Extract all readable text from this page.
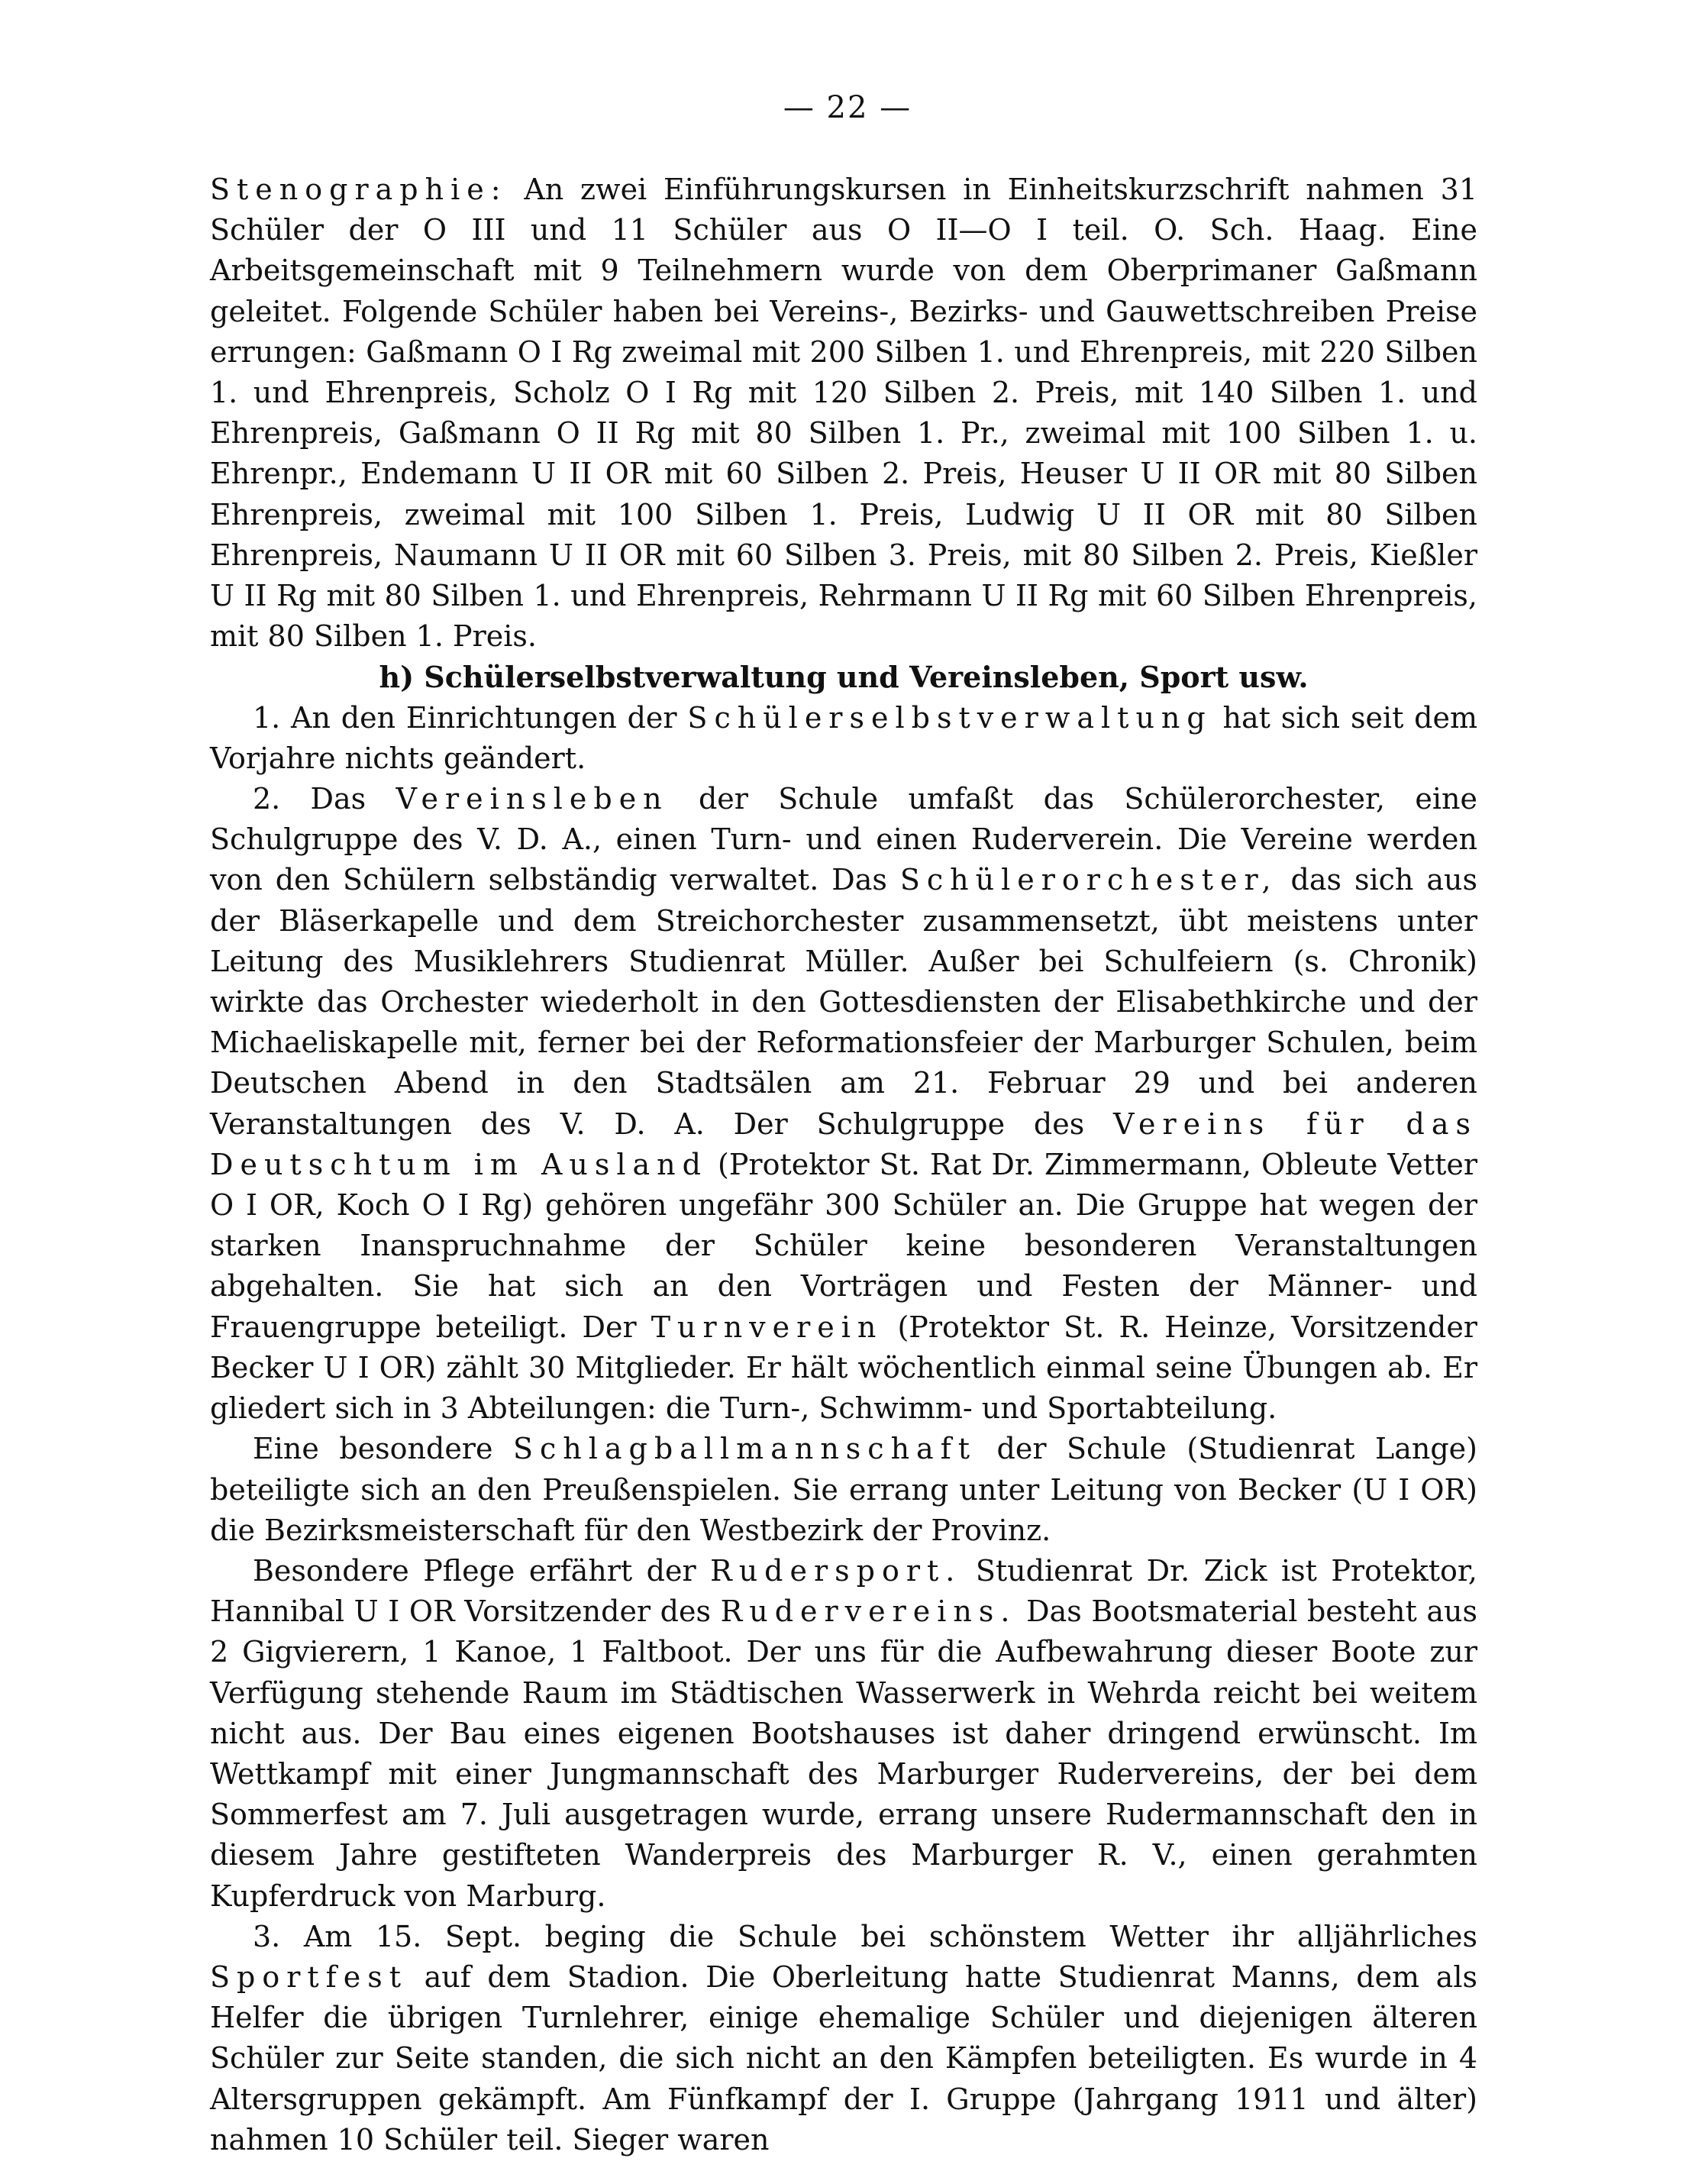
— 22 —

Stenographie: An zwei Einführungskursen in Einheitskurzschrift nahmen 31 Schüler der O III und 11 Schüler aus O II—O I teil. O. Sch. Haag. Eine Arbeitsgemeinschaft mit 9 Teilnehmern wurde von dem Oberprimaner Gaßmann geleitet. Folgende Schüler haben bei Vereins-, Bezirks- und Gauwettschreiben Preise errungen: Gaßmann O I Rg zweimal mit 200 Silben 1. und Ehrenpreis, mit 220 Silben 1. und Ehrenpreis, Scholz O I Rg mit 120 Silben 2. Preis, mit 140 Silben 1. und Ehrenpreis, Gaßmann O II Rg mit 80 Silben 1. Pr., zweimal mit 100 Silben 1. u. Ehrenpr., Endemann U II OR mit 60 Silben 2. Preis, Heuser U II OR mit 80 Silben Ehrenpreis, zweimal mit 100 Silben 1. Preis, Ludwig U II OR mit 80 Silben Ehrenpreis, Naumann U II OR mit 60 Silben 3. Preis, mit 80 Silben 2. Preis, Kießler U II Rg mit 80 Silben 1. und Ehrenpreis, Rehrmann U II Rg mit 60 Silben Ehrenpreis, mit 80 Silben 1. Preis.

h) Schülerselbstverwaltung und Vereinsleben, Sport usw.

1. An den Einrichtungen der Schülerselbstverwaltung hat sich seit dem Vorjahre nichts geändert.

2. Das Vereinsleben der Schule umfaßt das Schülerorchester, eine Schulgruppe des V. D. A., einen Turn- und einen Ruderverein. Die Vereine werden von den Schülern selbständig verwaltet. Das Schülerorchester, das sich aus der Bläserkapelle und dem Streichorchester zusammensetzt, übt meistens unter Leitung des Musiklehrers Studienrat Müller. Außer bei Schulfeiern (s. Chronik) wirkte das Orchester wiederholt in den Gottesdiensten der Elisabethkirche und der Michaeliskapelle mit, ferner bei der Reformationsfeier der Marburger Schulen, beim Deutschen Abend in den Stadtsälen am 21. Februar 29 und bei anderen Veranstaltungen des V. D. A. Der Schulgruppe des Vereins für das Deutschtum im Ausland (Protektor St. Rat Dr. Zimmermann, Obleute Vetter O I OR, Koch O I Rg) gehören ungefähr 300 Schüler an. Die Gruppe hat wegen der starken Inanspruchnahme der Schüler keine besonderen Veranstaltungen abgehalten. Sie hat sich an den Vorträgen und Festen der Männer- und Frauengruppe beteiligt. Der Turnverein (Protektor St. R. Heinze, Vorsitzender Becker U I OR) zählt 30 Mitglieder. Er hält wöchentlich einmal seine Übungen ab. Er gliedert sich in 3 Abteilungen: die Turn-, Schwimm- und Sportabteilung.

Eine besondere Schlagballmannschaft der Schule (Studienrat Lange) beteiligte sich an den Preußenspielen. Sie errang unter Leitung von Becker (U I OR) die Bezirksmeisterschaft für den Westbezirk der Provinz.

Besondere Pflege erfährt der Rudersport. Studienrat Dr. Zick ist Protektor, Hannibal U I OR Vorsitzender des Rudervereins. Das Bootsmaterial besteht aus 2 Gigvierern, 1 Kanoe, 1 Faltboot. Der uns für die Aufbewahrung dieser Boote zur Verfügung stehende Raum im Städtischen Wasserwerk in Wehrda reicht bei weitem nicht aus. Der Bau eines eigenen Bootshauses ist daher dringend erwünscht. Im Wettkampf mit einer Jungmannschaft des Marburger Rudervereins, der bei dem Sommerfest am 7. Juli ausgetragen wurde, errang unsere Rudermannschaft den in diesem Jahre gestifteten Wanderpreis des Marburger R. V., einen gerahmten Kupferdruck von Marburg.

3. Am 15. Sept. beging die Schule bei schönstem Wetter ihr alljährliches Sportfest auf dem Stadion. Die Oberleitung hatte Studienrat Manns, dem als Helfer die übrigen Turnlehrer, einige ehemalige Schüler und diejenigen älteren Schüler zur Seite standen, die sich nicht an den Kämpfen beteiligten. Es wurde in 4 Altersgruppen gekämpft. Am Fünfkampf der I. Gruppe (Jahrgang 1911 und älter) nahmen 10 Schüler teil. Sieger waren
